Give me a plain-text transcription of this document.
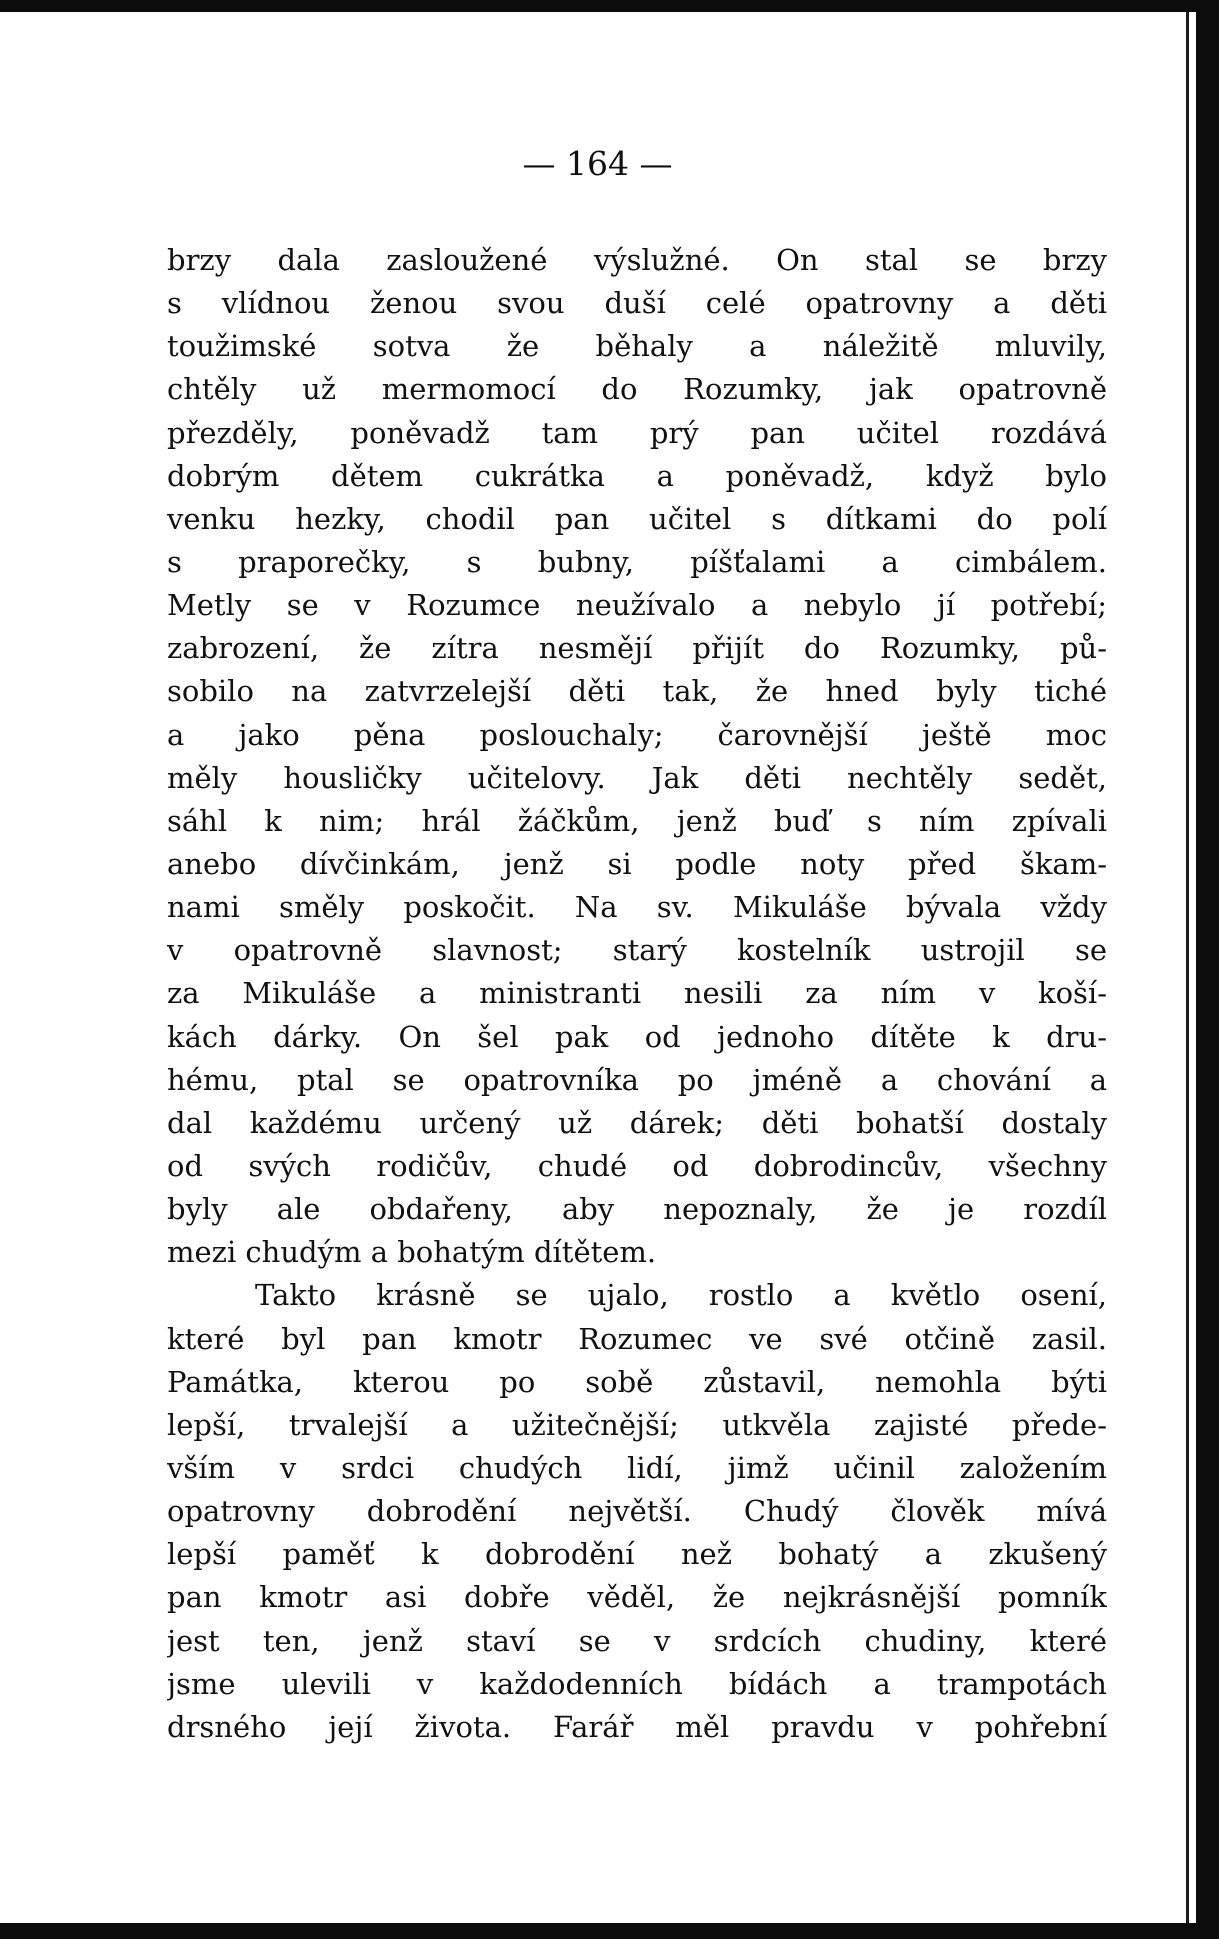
— 164 —
brzy dala zasloužené výslužné. On stal se brzy
s vlídnou ženou svou duší celé opatrovny a děti
toužimské sotva že běhaly a náležitě mluvily,
chtěly už mermomocí do Rozumky, jak opatrovně
přezděly, poněvadž tam prý pan učitel rozdává
dobrým dětem cukrátka a poněvadž, když bylo
venku hezky, chodil pan učitel s dítkami do polí
s praporečky, s bubny, píšťalami a cimbálem.
Metly se v Rozumce neužívalo a nebylo jí potřebí;
zabrození, že zítra nesmějí přijít do Rozumky, pů-
sobilo na zatvrzelejší děti tak, že hned byly tiché
a jako pěna poslouchaly; čarovnější ještě moc
měly housličky učitelovy. Jak děti nechtěly sedět,
sáhl k nim; hrál žáčkům, jenž buď s ním zpívali
anebo dívčinkám, jenž si podle noty před škam-
nami směly poskočit. Na sv. Mikuláše bývala vždy
v opatrovně slavnost; starý kostelník ustrojil se
za Mikuláše a ministranti nesili za ním v koší-
kách dárky. On šel pak od jednoho dítěte k dru-
hému, ptal se opatrovníka po jméně a chování a
dal každému určený už dárek; děti bohatší dostaly
od svých rodičův, chudé od dobrodincův, všechny
byly ale obdařeny, aby nepoznaly, že je rozdíl
mezi chudým a bohatým dítětem.
Takto krásně se ujalo, rostlo a květlo osení,
které byl pan kmotr Rozumec ve své otčině zasil.
Památka, kterou po sobě zůstavil, nemohla býti
lepší, trvalejší a užitečnější; utkvěla zajisté přede-
vším v srdci chudých lidí, jimž učinil založením
opatrovny dobrodění největší. Chudý člověk mívá
lepší paměť k dobrodění než bohatý a zkušený
pan kmotr asi dobře věděl, že nejkrásnější pomník
jest ten, jenž staví se v srdcích chudiny, které
jsme ulevili v každodenních bídách a trampotách
drsného její života. Farář měl pravdu v pohřební
